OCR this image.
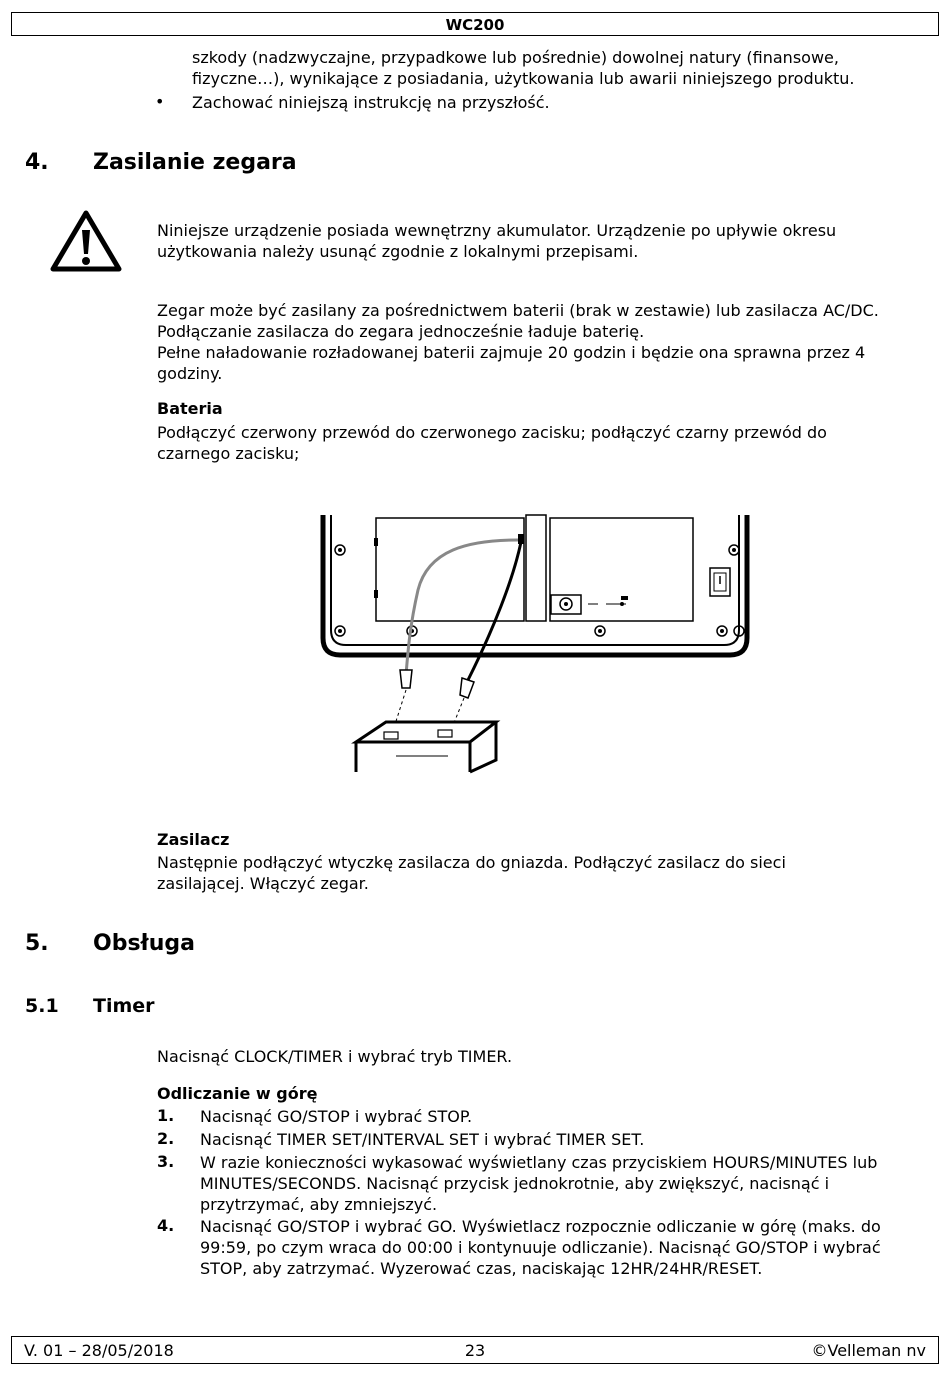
WC200
szkody (nadzwyczajne, przypadkowe lub pośrednie) dowolnej natury (finansowe, fizyczne…), wynikające z posiadania, użytkowania lub awarii niniejszego produktu.
• Zachować niniejszą instrukcję na przyszłość.
4. Zasilanie zegara
Niniejsze urządzenie posiada wewnętrzny akumulator. Urządzenie po upływie okresu użytkowania należy usunąć zgodnie z lokalnymi przepisami.
Zegar może być zasilany za pośrednictwem baterii (brak w zestawie) lub zasilacza AC/DC. Podłączanie zasilacza do zegara jednocześnie ładuje baterię.
Pełne naładowanie rozładowanej baterii zajmuje 20 godzin i będzie ona sprawna przez 4 godziny.
Bateria
Podłączyć czerwony przewód do czerwonego zacisku; podłączyć czarny przewód do czarnego zacisku;
Zasilacz
Następnie podłączyć wtyczkę zasilacza do gniazda. Podłączyć zasilacz do sieci zasilającej. Włączyć zegar.
5. Obsługa
5.1 Timer
Nacisnąć CLOCK/TIMER i wybrać tryb TIMER.
Odliczanie w górę
1. Nacisnąć GO/STOP i wybrać STOP.
2. Nacisnąć TIMER SET/INTERVAL SET i wybrać TIMER SET.
3. W razie konieczności wykasować wyświetlany czas przyciskiem HOURS/MINUTES lub MINUTES/SECONDS. Nacisnąć przycisk jednokrotnie, aby zwiększyć, nacisnąć i przytrzymać, aby zmniejszyć.
4. Nacisnąć GO/STOP i wybrać GO. Wyświetlacz rozpocznie odliczanie w górę (maks. do 99:59, po czym wraca do 00:00 i kontynuuje odliczanie). Nacisnąć GO/STOP i wybrać STOP, aby zatrzymać. Wyzerować czas, naciskając 12HR/24HR/RESET.
V. 01 – 28/05/2018	23	©Velleman nv
